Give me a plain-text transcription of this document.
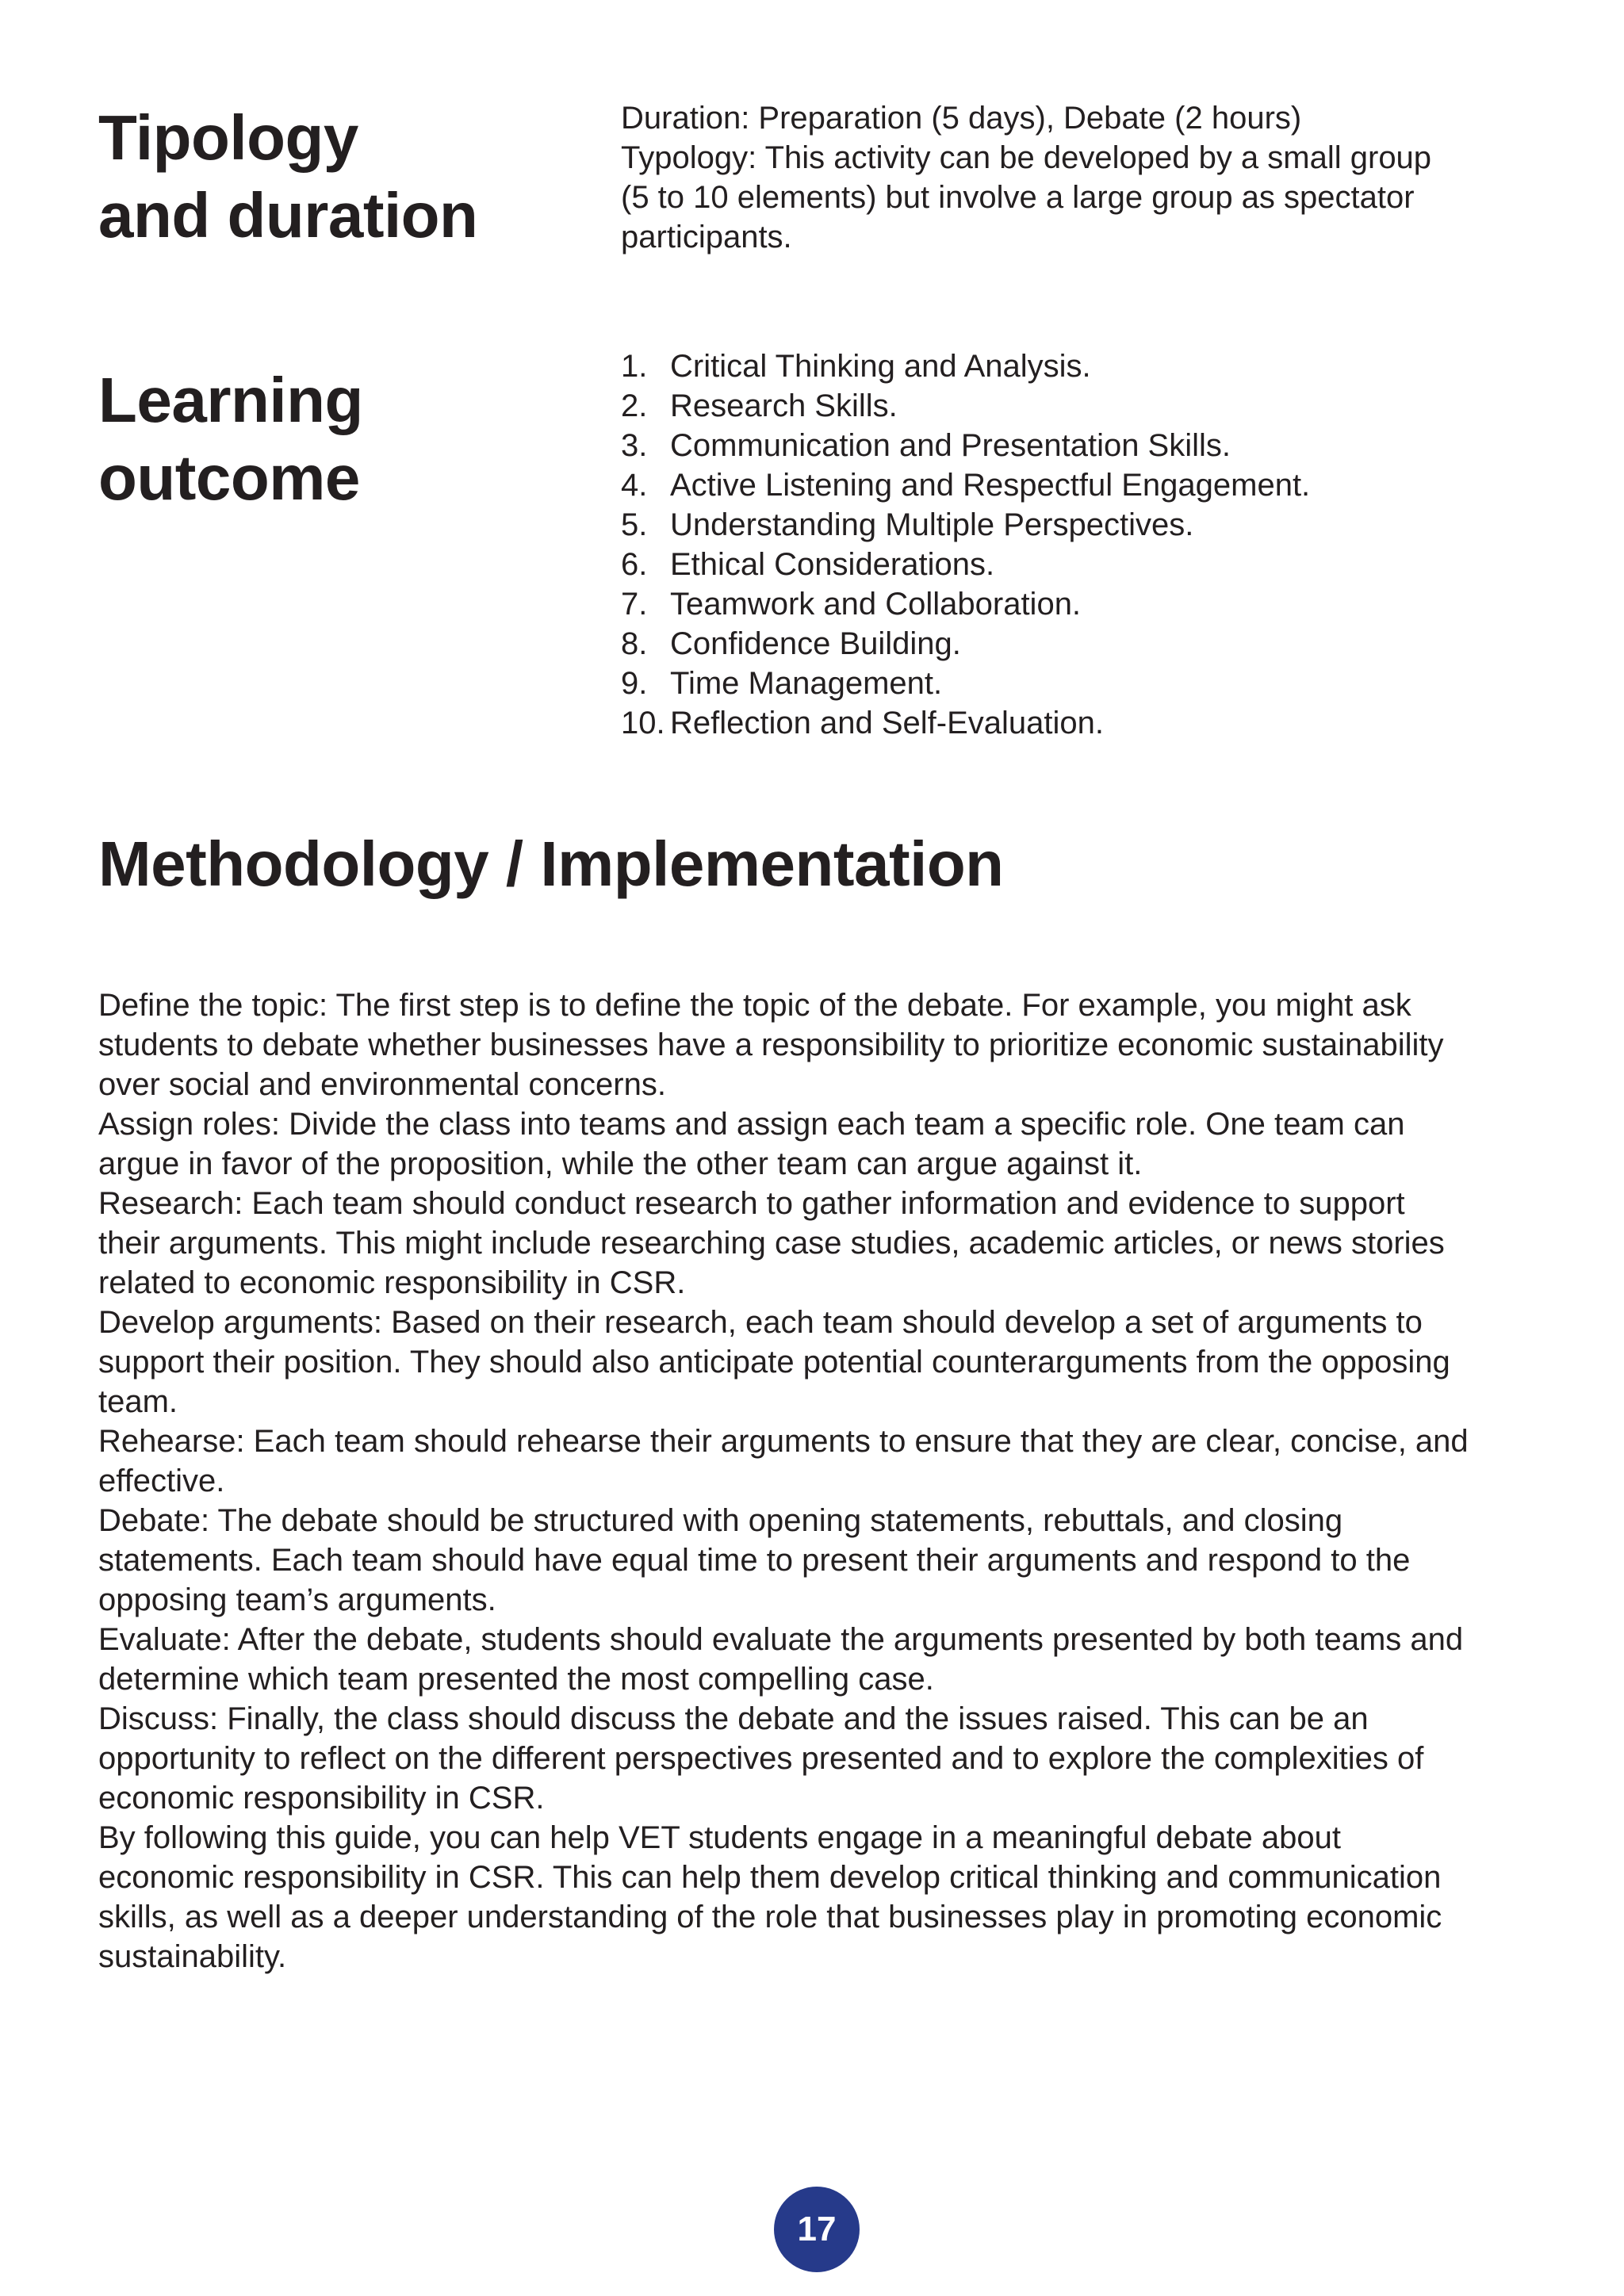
Tipology
and duration

Duration: Preparation (5 days), Debate (2 hours)

Typology: This activity can be developed by a small group

(5 to 10 elements) but involve a large group as spectator

participants.

Learning
outcome
1. Critical Thinking and Analysis.
2. Research Skills.
3. Communication and Presentation Skills.
4. Active Listening and Respectful Engagement.
5. Understanding Multiple Perspectives.
6. Ethical Considerations.
7. Teamwork and Collaboration.
8. Confidence Building.
9. Time Management.
10. Reflection and Self-Evaluation.
Methodology / Implementation

Define the topic: The first step is to define the topic of the debate. For example, you might ask

students to debate whether businesses have a responsibility to prioritize economic sustainability

over social and environmental concerns.

Assign roles: Divide the class into teams and assign each team a specific role. One team can

argue in favor of the proposition, while the other team can argue against it.

Research: Each team should conduct research to gather information and evidence to support

their arguments. This might include researching case studies, academic articles, or news stories

related to economic responsibility in CSR.

Develop arguments: Based on their research, each team should develop a set of arguments to

support their position. They should also anticipate potential counterarguments from the opposing

team.

Rehearse: Each team should rehearse their arguments to ensure that they are clear, concise, and

effective.

Debate: The debate should be structured with opening statements, rebuttals, and closing

statements. Each team should have equal time to present their arguments and respond to the

opposing team’s arguments.

Evaluate: After the debate, students should evaluate the arguments presented by both teams and

determine which team presented the most compelling case.

Discuss: Finally, the class should discuss the debate and the issues raised. This can be an

opportunity to reflect on the different perspectives presented and to explore the complexities of

economic responsibility in CSR.

By following this guide, you can help VET students engage in a meaningful debate about

economic responsibility in CSR. This can help them develop critical thinking and communication

skills, as well as a deeper understanding of the role that businesses play in promoting economic

sustainability.

17
